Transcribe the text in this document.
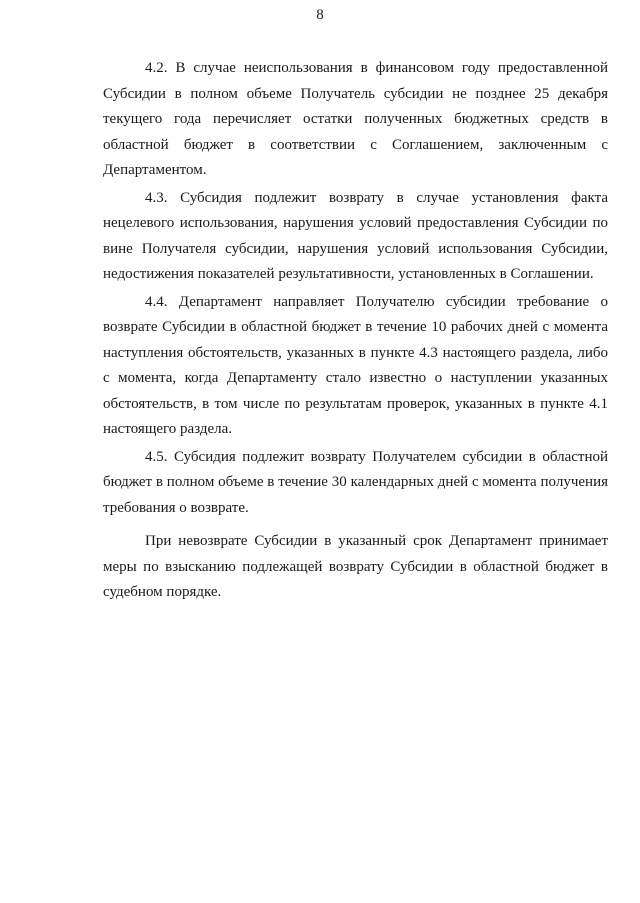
8

4.2. В случае неиспользования в финансовом году предоставленной Субсидии в полном объеме Получатель субсидии не позднее 25 декабря текущего года перечисляет остатки полученных бюджетных средств в областной бюджет в соответствии с Соглашением, заключенным с Департаментом.

4.3. Субсидия подлежит возврату в случае установления факта нецелевого использования, нарушения условий предоставления Субсидии по вине Получателя субсидии, нарушения условий использования Субсидии, недостижения показателей результативности, установленных в Соглашении.

4.4. Департамент направляет Получателю субсидии требование о возврате Субсидии в областной бюджет в течение 10 рабочих дней с момента наступления обстоятельств, указанных в пункте 4.3 настоящего раздела, либо с момента, когда Департаменту стало известно о наступлении указанных обстоятельств, в том числе по результатам проверок, указанных в пункте 4.1 настоящего раздела.

4.5. Субсидия подлежит возврату Получателем субсидии в областной бюджет в полном объеме в течение 30 календарных дней с момента получения требования о возврате.

При невозврате Субсидии в указанный срок Департамент принимает меры по взысканию подлежащей возврату Субсидии в областной бюджет в судебном порядке.
